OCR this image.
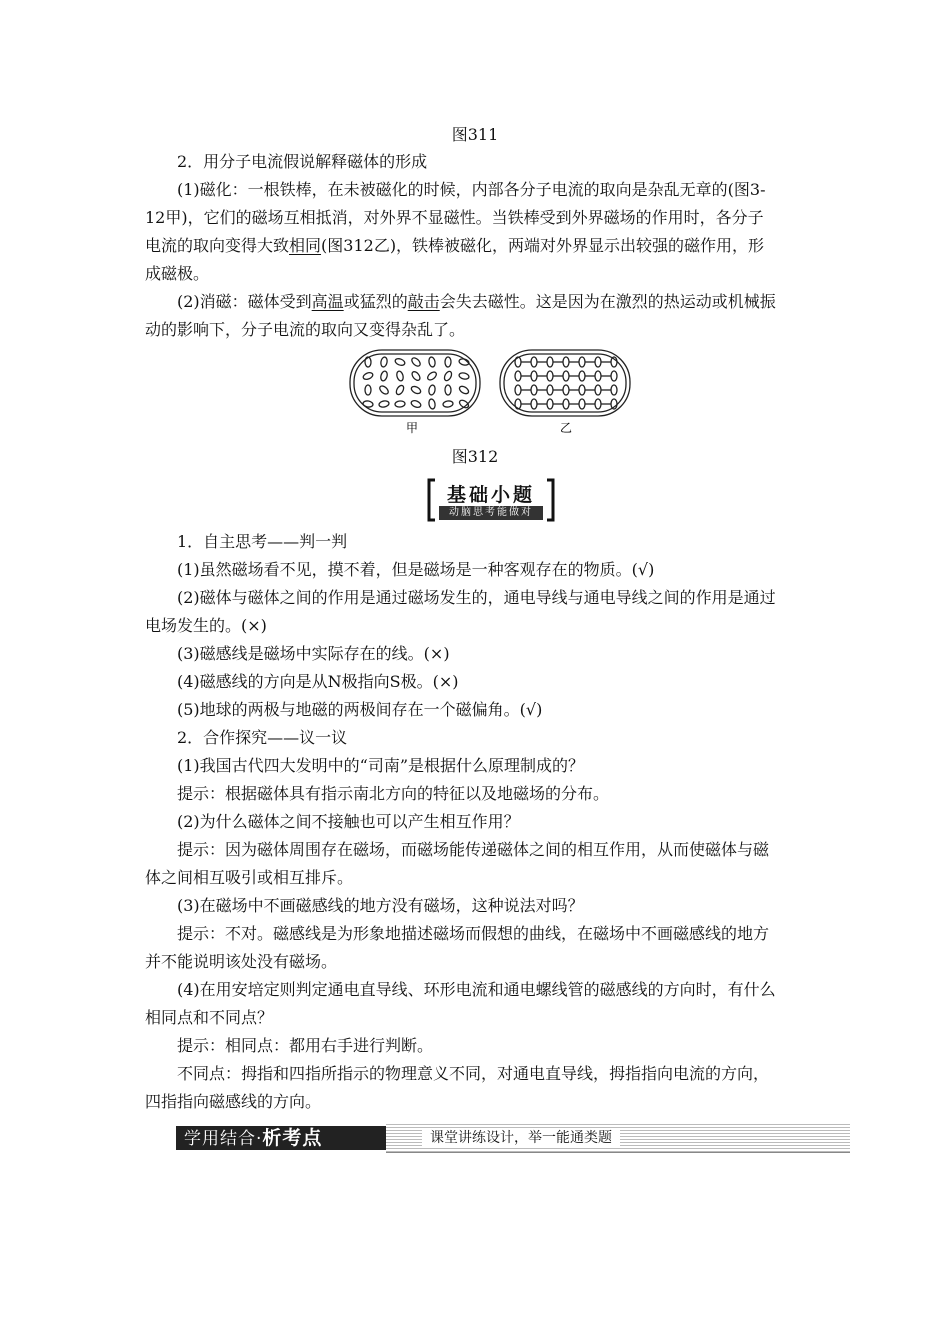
图311
2．用分子电流假说解释磁体的形成
(1)磁化：一根铁棒，在未被磁化的时候，内部各分子电流的取向是杂乱无章的(图3-
12甲)，它们的磁场互相抵消，对外界不显磁性。当铁棒受到外界磁场的作用时，各分子
电流的取向变得大致相同(图312乙)，铁棒被磁化，两端对外界显示出较强的磁作用，形
成磁极。
(2)消磁：磁体受到高温或猛烈的敲击会失去磁性。这是因为在激烈的热运动或机械振
动的影响下，分子电流的取向又变得杂乱了。
甲	乙
图312
基础小题
动脑思考能做对
1．自主思考——判一判
(1)虽然磁场看不见，摸不着，但是磁场是一种客观存在的物质。(√)
(2)磁体与磁体之间的作用是通过磁场发生的，通电导线与通电导线之间的作用是通过
电场发生的。(×)
(3)磁感线是磁场中实际存在的线。(×)
(4)磁感线的方向是从N极指向S极。(×)
(5)地球的两极与地磁的两极间存在一个磁偏角。(√)
2．合作探究——议一议
(1)我国古代四大发明中的“司南”是根据什么原理制成的？
提示：根据磁体具有指示南北方向的特征以及地磁场的分布。
(2)为什么磁体之间不接触也可以产生相互作用？
提示：因为磁体周围存在磁场，而磁场能传递磁体之间的相互作用，从而使磁体与磁
体之间相互吸引或相互排斥。
(3)在磁场中不画磁感线的地方没有磁场，这种说法对吗？
提示：不对。磁感线是为形象地描述磁场而假想的曲线，在磁场中不画磁感线的地方
并不能说明该处没有磁场。
(4)在用安培定则判定通电直导线、环形电流和通电螺线管的磁感线的方向时，有什么
相同点和不同点？
提示：相同点：都用右手进行判断。
不同点：拇指和四指所指示的物理意义不同，对通电直导线，拇指指向电流的方向，
四指指向磁感线的方向。
学用结合·析考点	课堂讲练设计，举一能通类题
